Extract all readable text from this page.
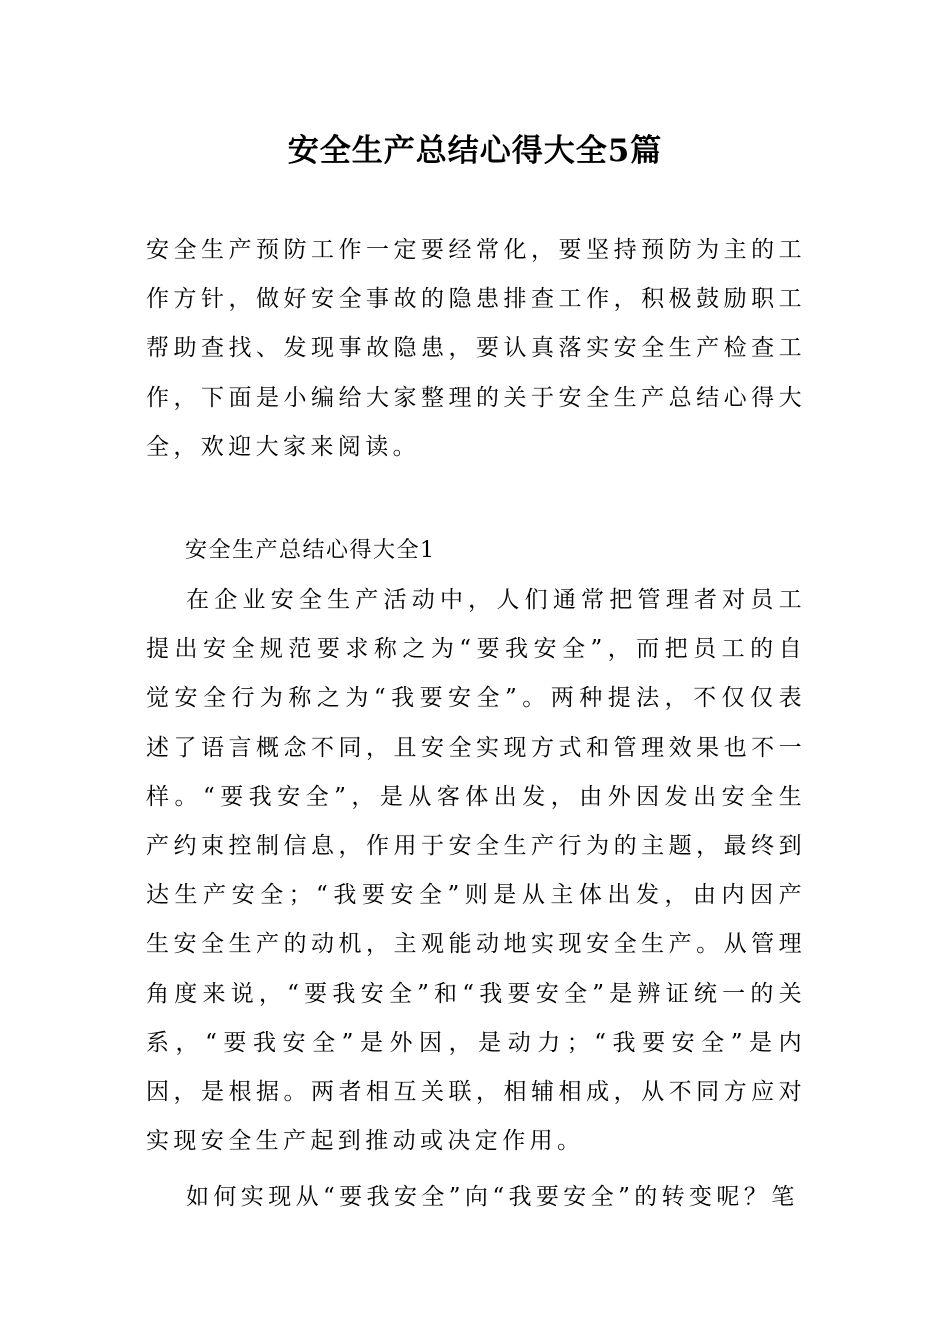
安全生产总结心得大全5篇

安全生产预防工作一定要经常化，要坚持预防为主的工作方针，做好安全事故的隐患排查工作，积极鼓励职工帮助查找、发现事故隐患，要认真落实安全生产检查工作，下面是小编给大家整理的关于安全生产总结心得大全，欢迎大家来阅读。

安全生产总结心得大全1

在企业安全生产活动中，人们通常把管理者对员工提出安全规范要求称之为“要我安全”，而把员工的自觉安全行为称之为“我要安全”。两种提法，不仅仅表述了语言概念不同，且安全实现方式和管理效果也不一样。“要我安全”，是从客体出发，由外因发出安全生产约束控制信息，作用于安全生产行为的主题，最终到达生产安全；“我要安全”则是从主体出发，由内因产生安全生产的动机，主观能动地实现安全生产。从管理角度来说，“要我安全”和“我要安全”是辨证统一的关系，“要我安全”是外因，是动力；“我要安全”是内因，是根据。两者相互关联，相辅相成，从不同方应对实现安全生产起到推动或决定作用。

如何实现从“要我安全”向“我要安全”的转变呢？笔
